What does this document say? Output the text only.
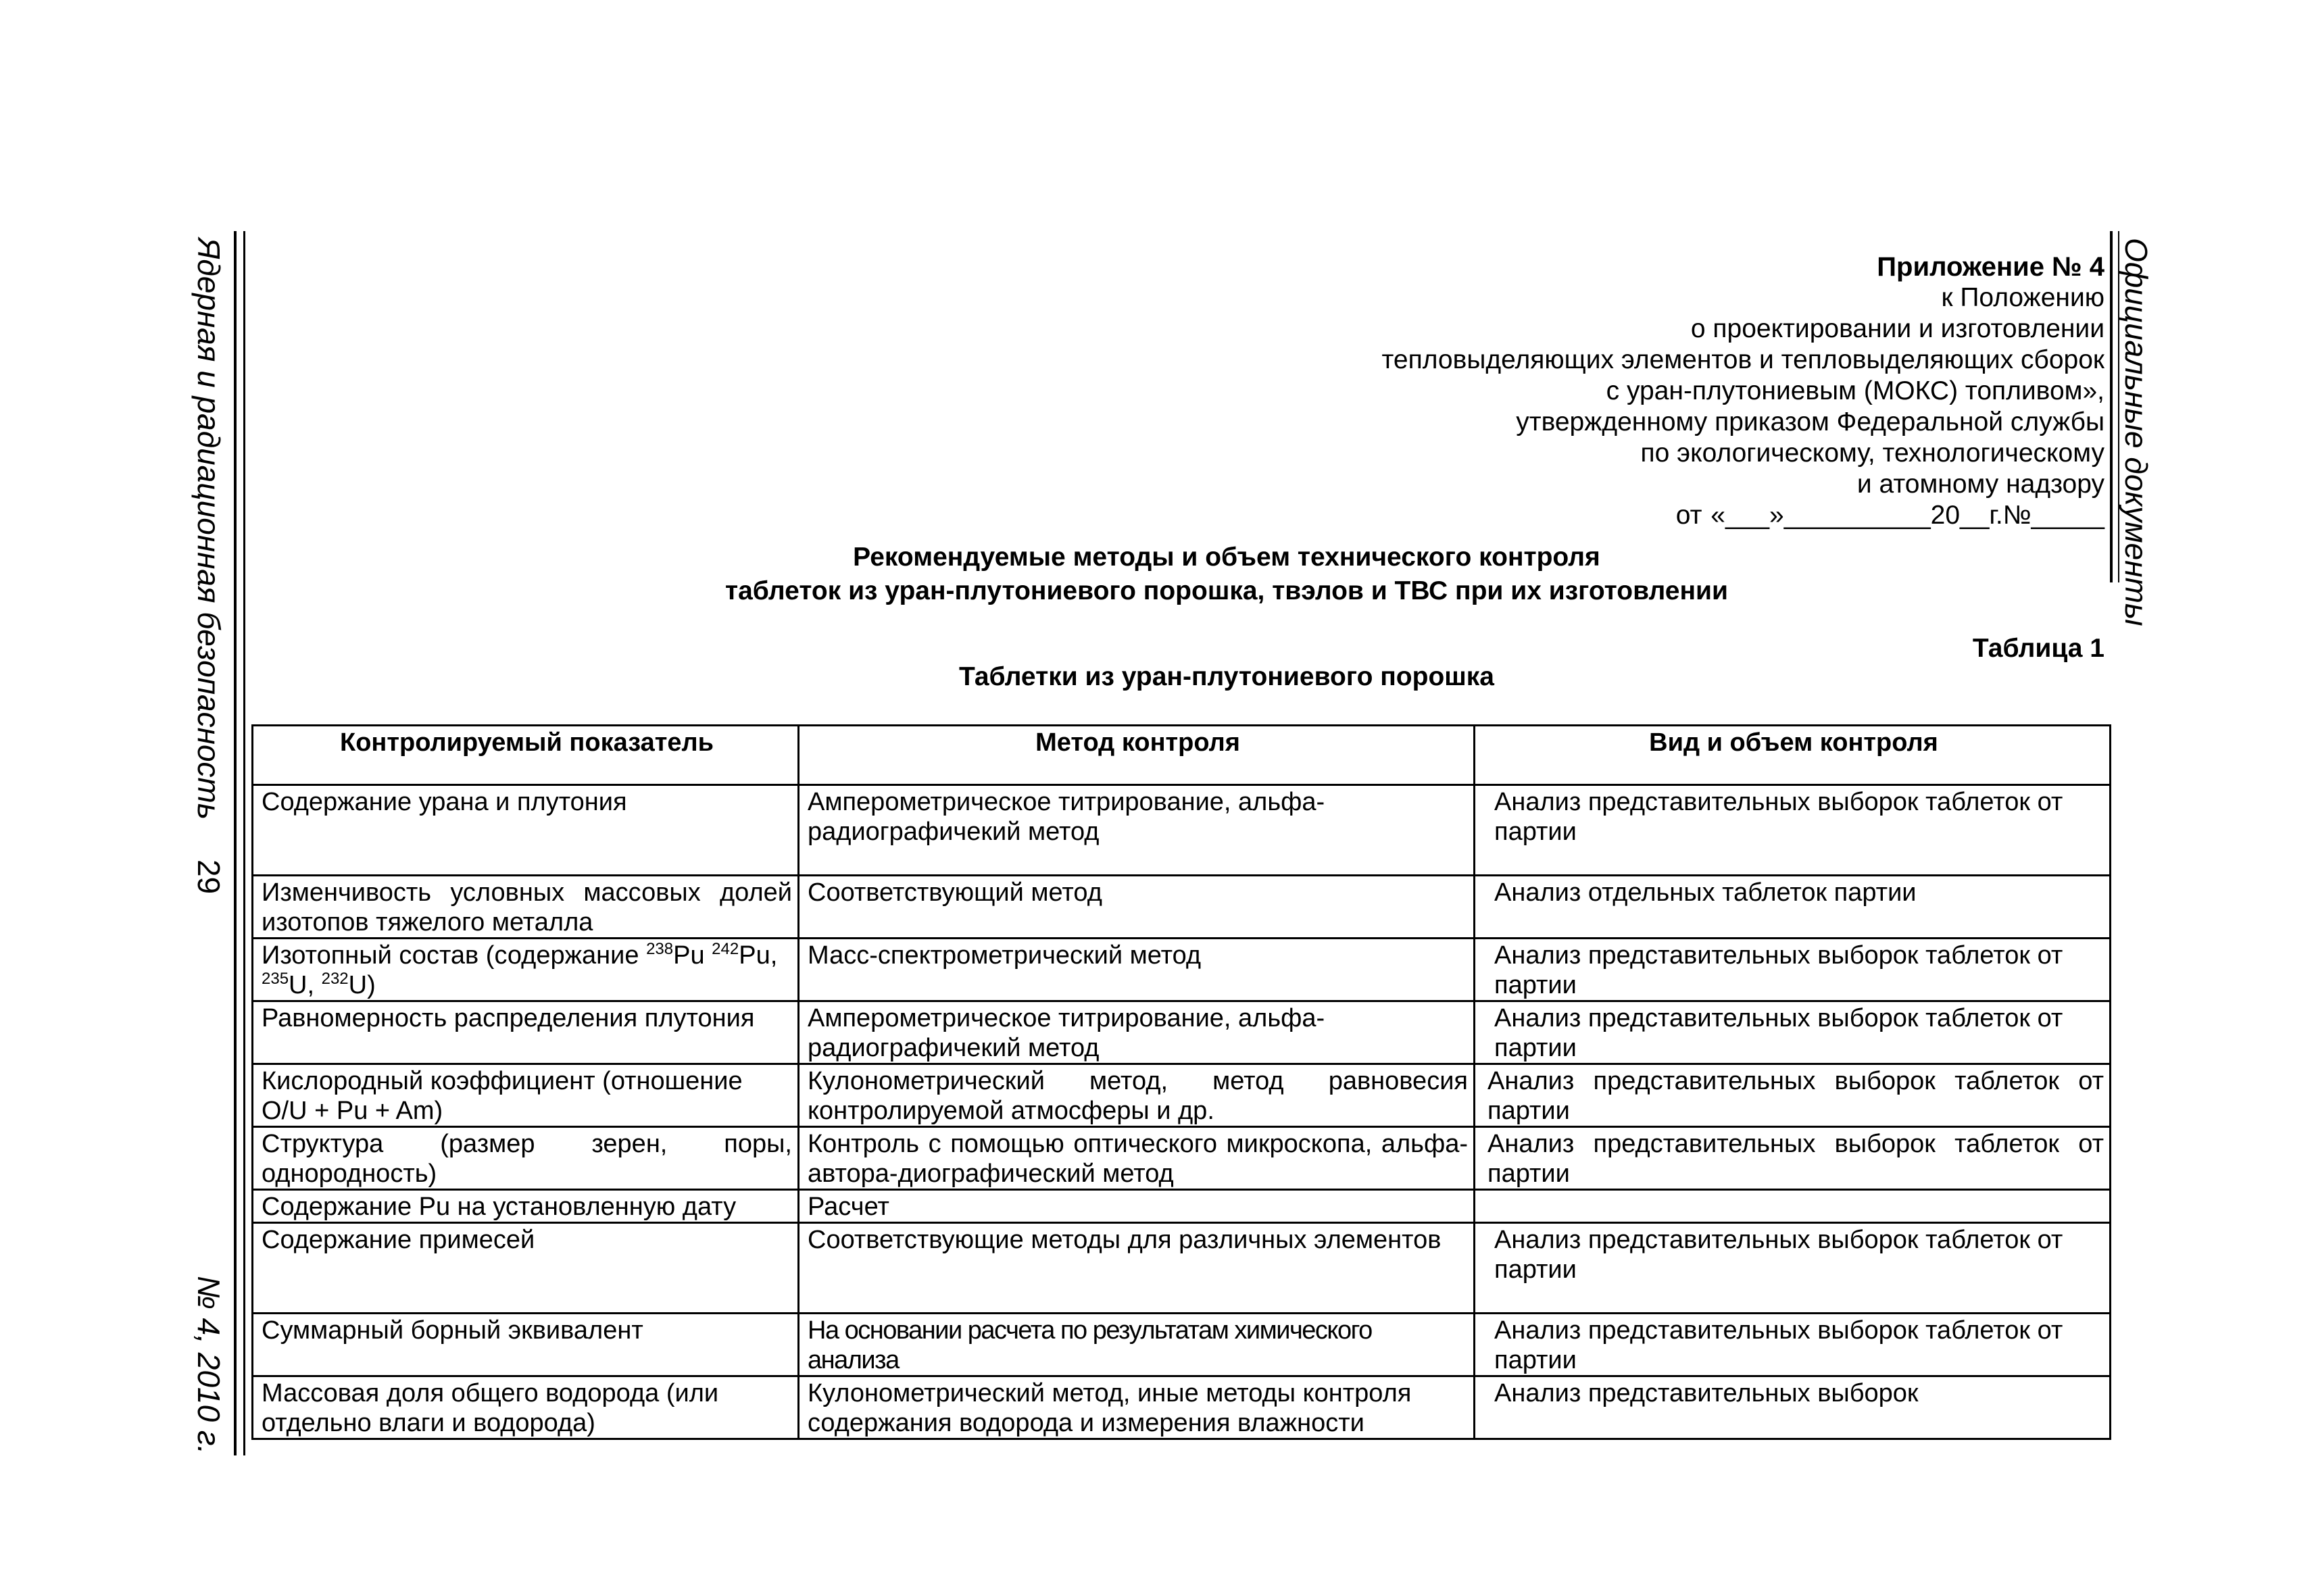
Ядерная и радиационная безопасность
29
№ 4, 2010 г.
Официальные документы
Приложение № 4
к Положению
о проектировании и изготовлении
тепловыделяющих элементов и тепловыделяющих сборок
с уран-плутониевым (МОКС) топливом»,
утвержденному приказом Федеральной службы
по экологическому, технологическому
и атомному надзору
от «___»__________20__г.№_____
Рекомендуемые методы и объем технического контроля
таблеток из уран-плутониевого порошка, твэлов и ТВС при их изготовлении
Таблица 1
Таблетки из уран-плутониевого порошка
Контролируемый показатель	Метод контроля	Вид и объем контроля
Содержание урана и плутония	Амперометрическое титрирование, альфа-радиографичекий метод	Анализ представительных выборок таблеток от партии
Изменчивость условных массовых долей изотопов тяжелого металла	Соответствующий метод	Анализ отдельных таблеток партии
Изотопный состав (содержание $^{238}$Pu $^{242}$Pu, $^{235}$U, $^{232}$U)	Масс-спектрометрический метод	Анализ представительных выборок таблеток от партии
Равномерность распределения плутония	Амперометрическое титрирование, альфа-радиографичекий метод	Анализ представительных выборок таблеток от партии
Кислородный коэффициент (отношение O/U + Pu + Am)	Кулонометрический метод, метод равновесия контролируемой атмосферы и др.	Анализ представительных выборок таблеток от партии
Структура (размер зерен, поры, однородность)	Контроль с помощью оптического микроскопа, альфа-автора-диографический метод	Анализ представительных выборок таблеток от партии
Содержание Pu на установленную дату	Расчет	
Содержание примесей	Соответствующие методы для различных элементов	Анализ представительных выборок таблеток от партии
Суммарный борный эквивалент	На основании расчета по результатам химического анализа	Анализ представительных выборок таблеток от партии
Массовая доля общего водорода (или отдельно влаги и водорода)	Кулонометрический метод, иные методы контроля содержания водорода и измерения влажности	Анализ представительных выборок
